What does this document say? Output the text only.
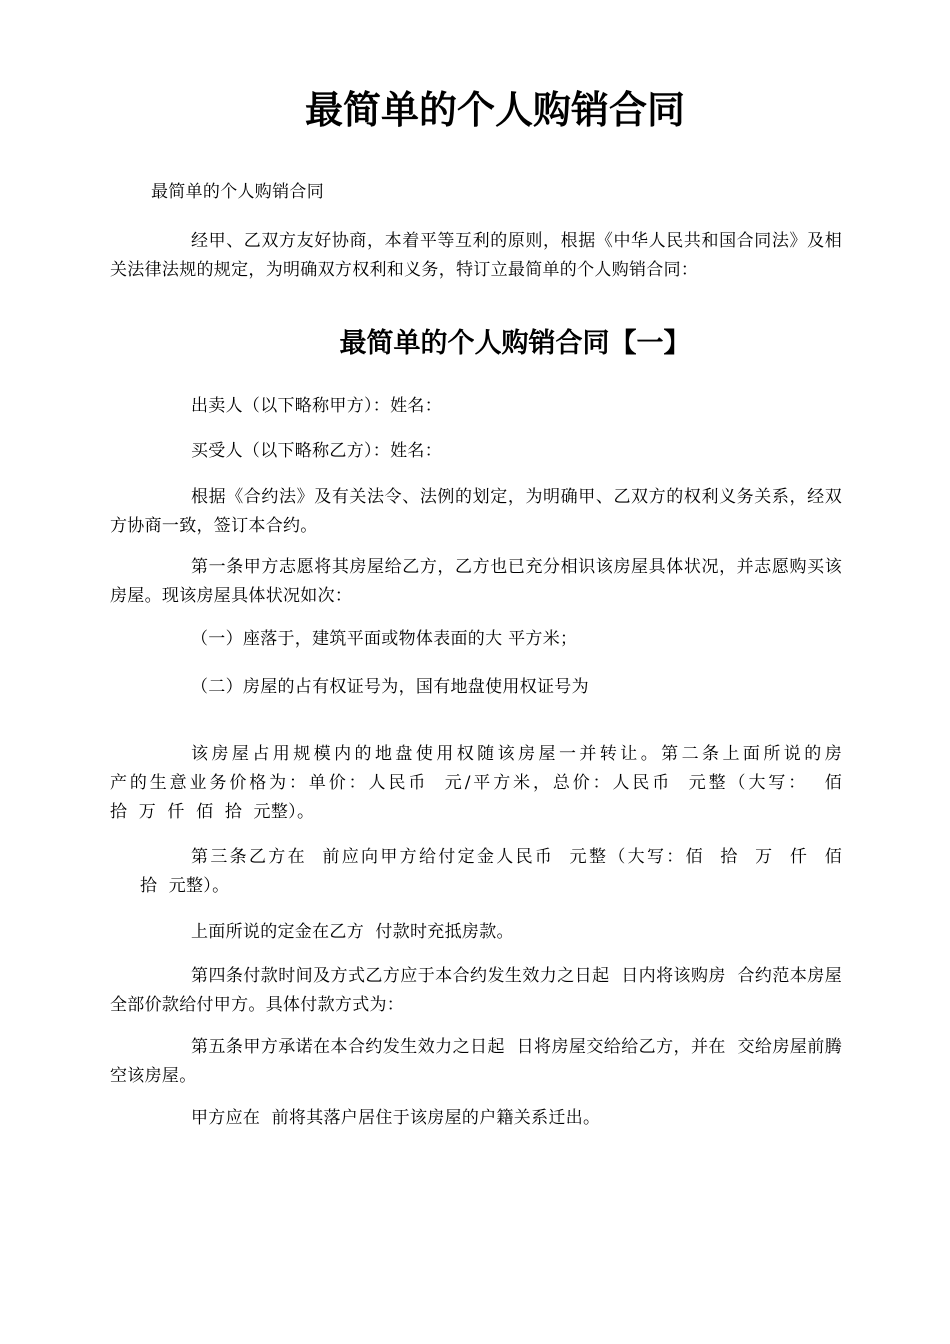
最简单的个人购销合同

最简单的个人购销合同

经甲、乙双方友好协商，本着平等互利的原则，根据《中华人民共和国合同法》及相关法律法规的规定，为明确双方权利和义务，特订立最简单的个人购销合同：

最简单的个人购销合同【一】

出卖人（以下略称甲方）：姓名：

买受人（以下略称乙方）：姓名：

根据《合约法》及有关法令、法例的划定，为明确甲、乙双方的权利义务关系，经双方协商一致，签订本合约。

第一条甲方志愿将其房屋给乙方，乙方也已充分相识该房屋具体状况，并志愿购买该房屋。现该房屋具体状况如次：

（一）座落于，建筑平面或物体表面的大 平方米；

（二）房屋的占有权证号为，国有地盘使用权证号为

该房屋占用规模内的地盘使用权随该房屋一并转让。第二条上面所说的房

产的生意业务价格为：单价：人民币  元/平方米，总价：人民币  元整（大写：  佰

拾  万  仟  佰  拾  元整）。

第三条乙方在  前应向甲方给付定金人民币  元整（大写：佰  拾  万  仟  佰

拾  元整）。

上面所说的定金在乙方  付款时充抵房款。

第四条付款时间及方式乙方应于本合约发生效力之日起  日内将该购房  合约范本房屋全部价款给付甲方。具体付款方式为：

第五条甲方承诺在本合约发生效力之日起  日将房屋交给给乙方，并在  交给房屋前腾空该房屋。

甲方应在  前将其落户居住于该房屋的户籍关系迁出。
